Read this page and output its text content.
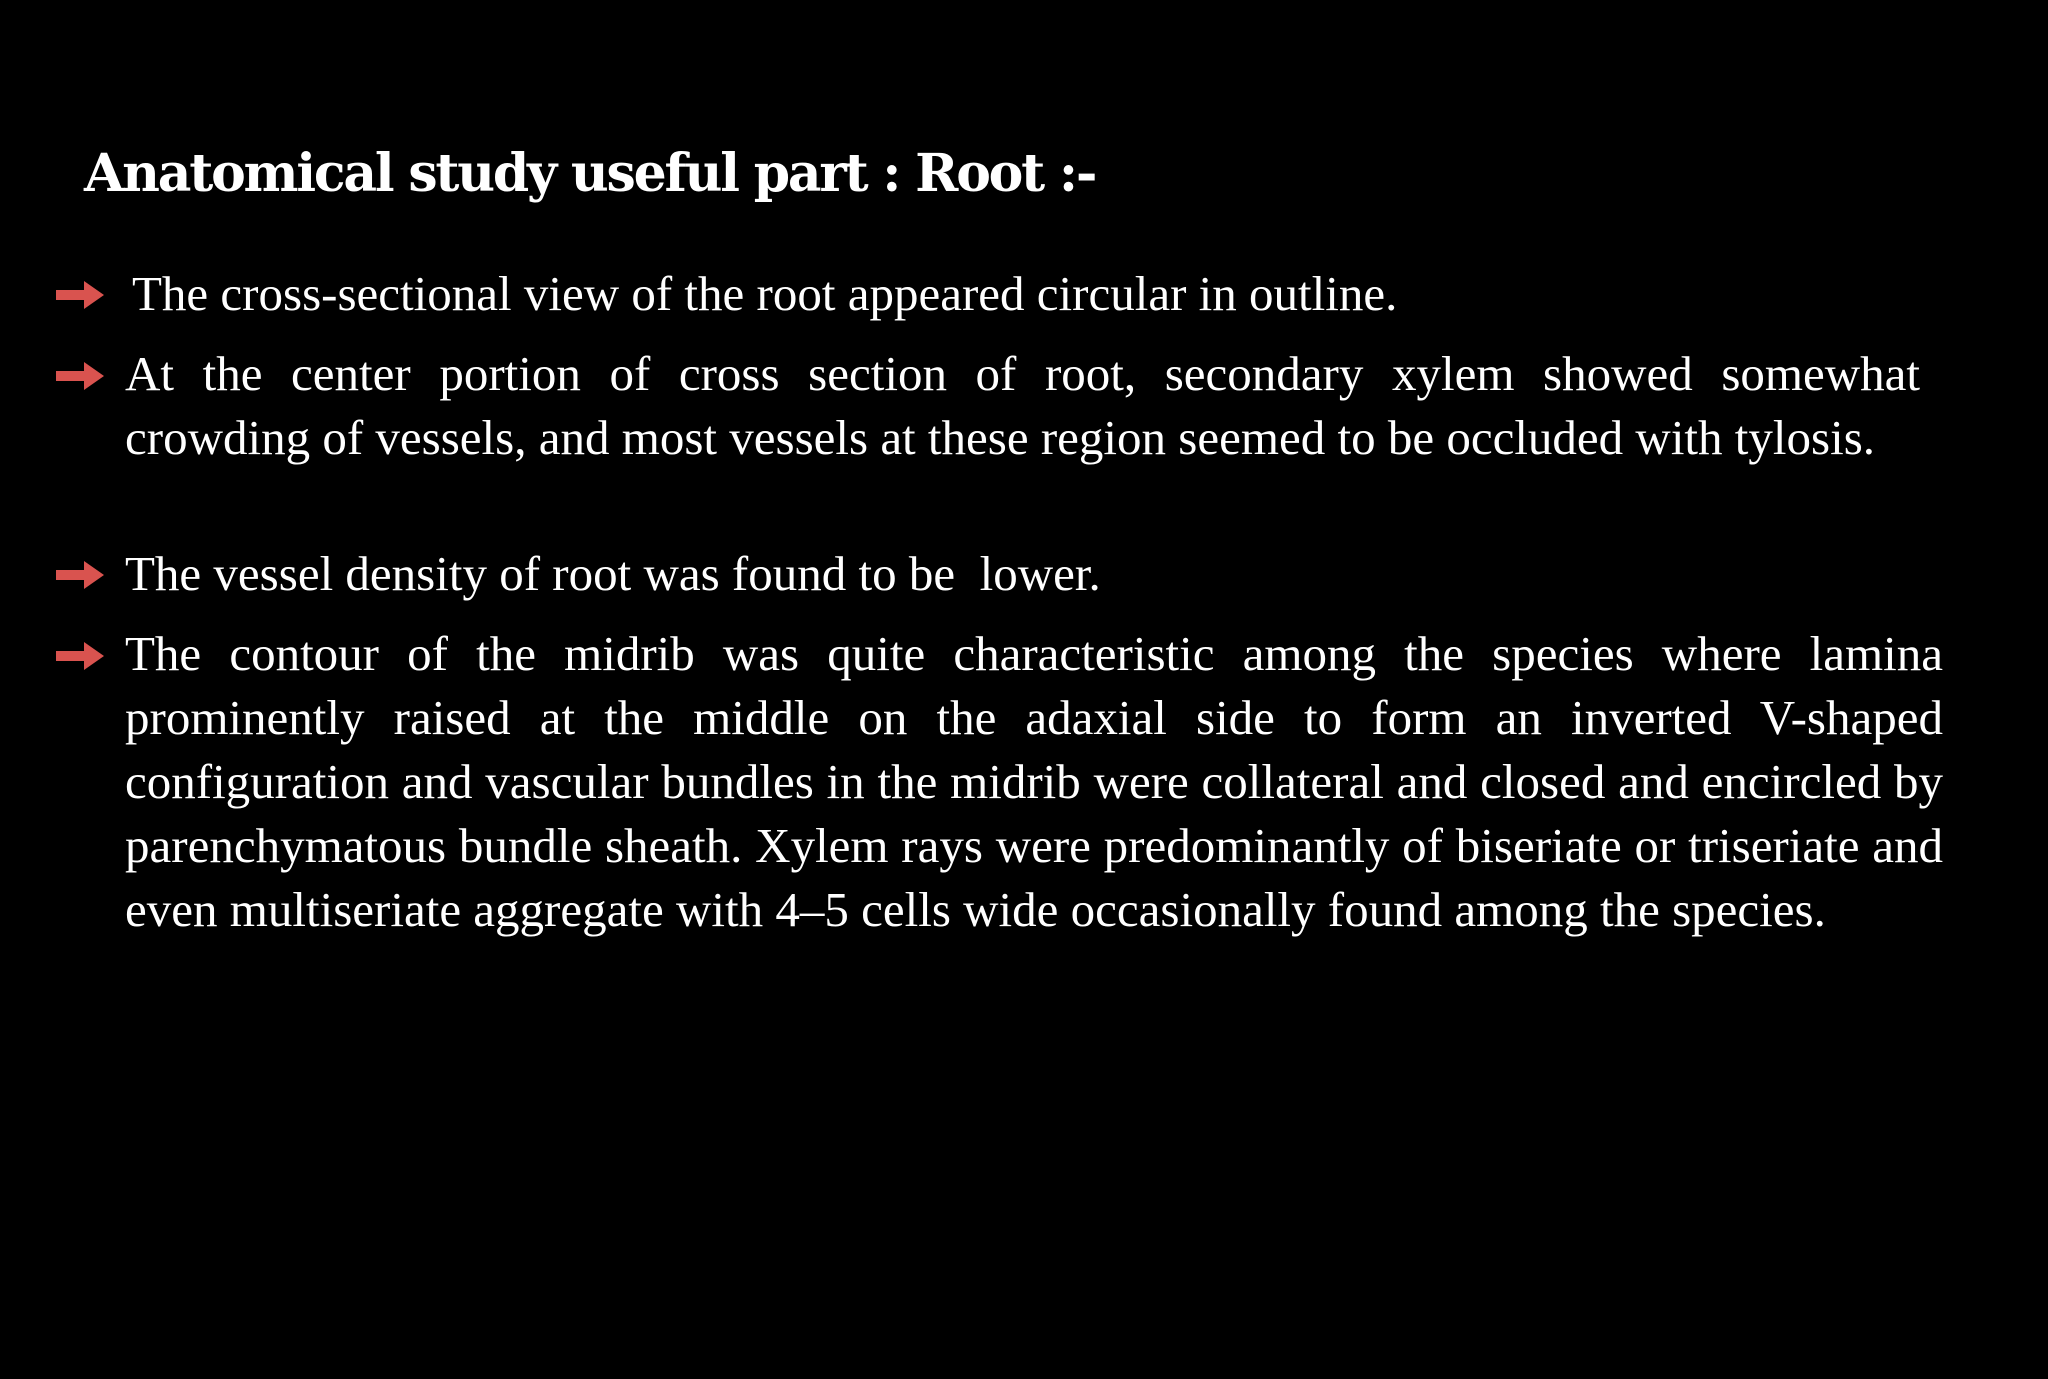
Anatomical study useful part : Root :-

The cross-sectional view of the root appeared circular in outline.

At the center portion of cross section of root, secondary xylem showed somewhat crowding of vessels, and most vessels at these region seemed to be occluded with tylosis.

The vessel density of root was found to be  lower.

The contour of the midrib was quite characteristic among the species where lamina prominently raised at the middle on the adaxial side to form an inverted V-shaped configuration and vascular bundles in the midrib were collateral and closed and encircled by parenchymatous bundle sheath. Xylem rays were predominantly of biseriate or triseriate and even multiseriate aggregate with 4–5 cells wide occasionally found among the species.
